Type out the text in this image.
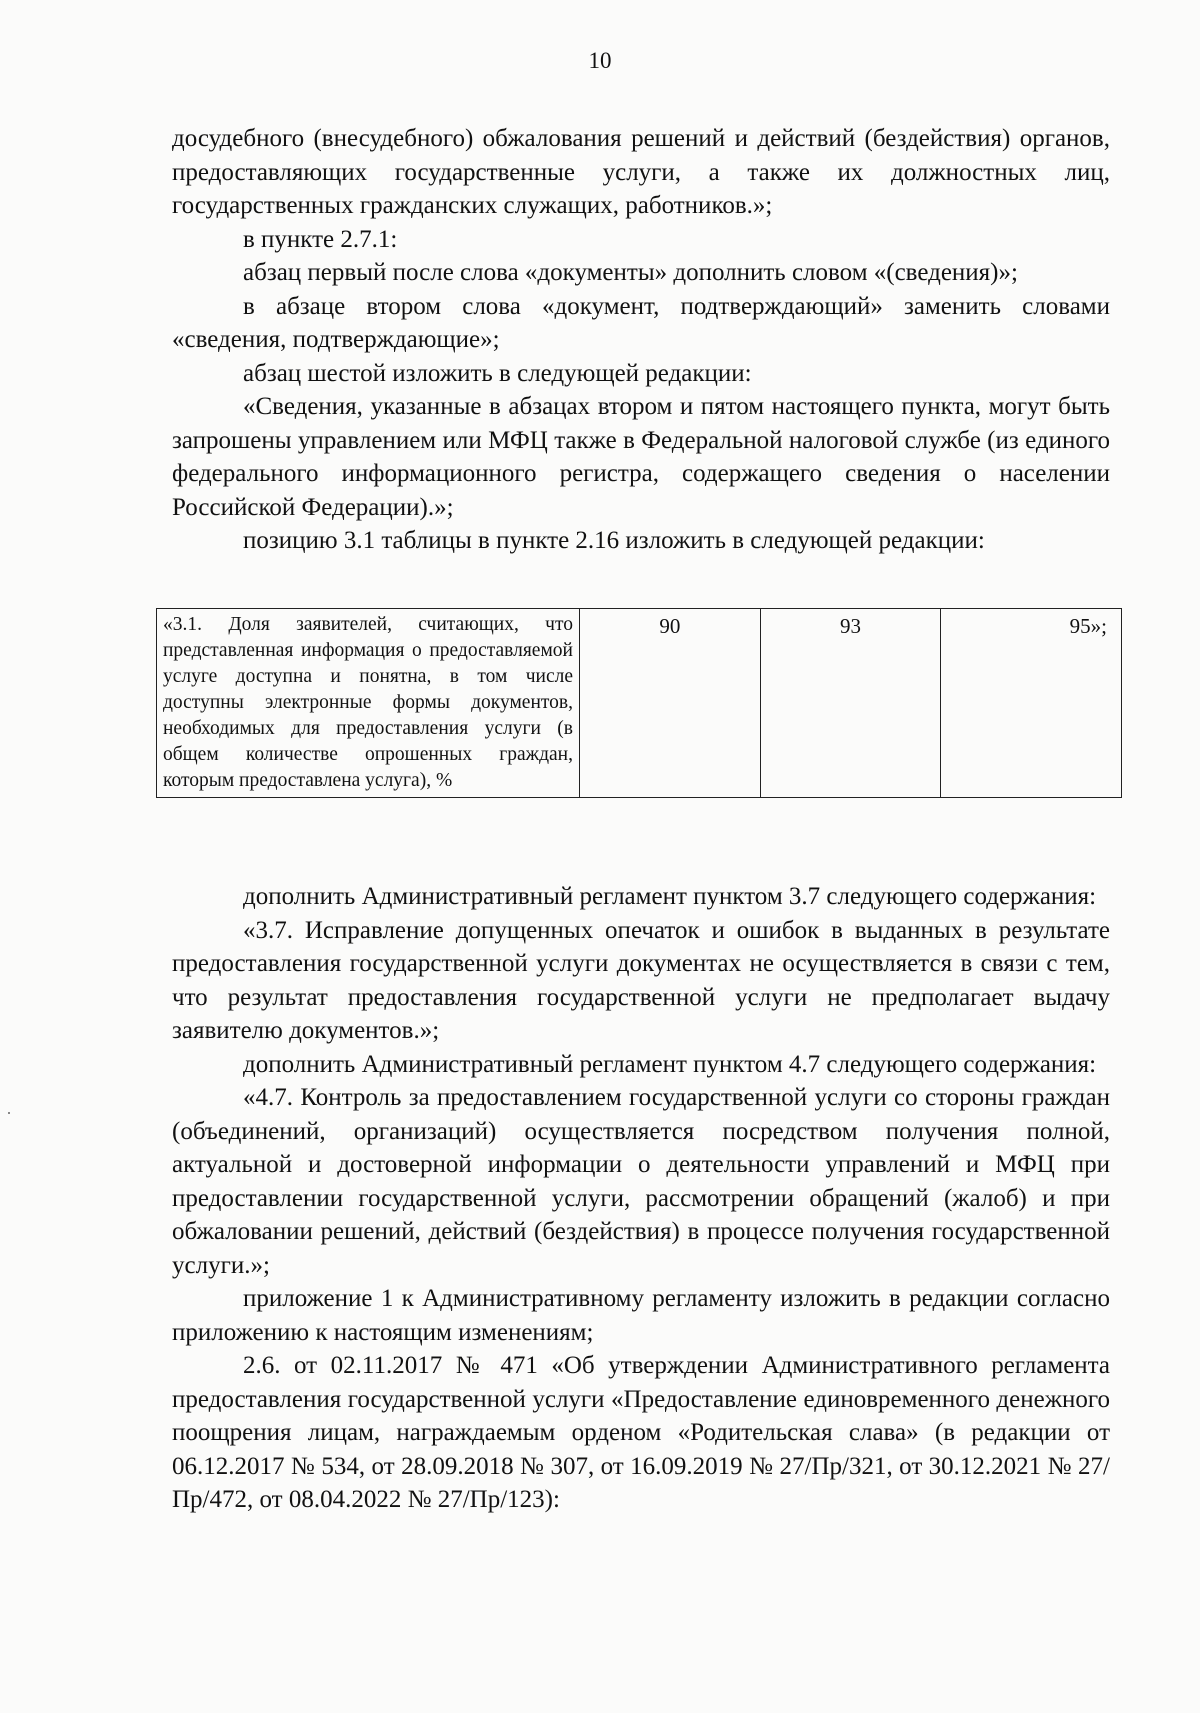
10

досудебного (внесудебного) обжалования решений и действий (бездействия) органов, предоставляющих государственные услуги, а также их должностных лиц, государственных гражданских служащих, работников.»;

в пункте 2.7.1:

абзац первый после слова «документы» дополнить словом «(сведения)»;

в абзаце втором слова «документ, подтверждающий» заменить словами «сведения, подтверждающие»;

абзац шестой изложить в следующей редакции:

«Сведения, указанные в абзацах втором и пятом настоящего пункта, могут быть запрошены управлением или МФЦ также в Федеральной налоговой службе (из единого федерального информационного регистра, содержащего сведения о населении Российской Федерации).»;

позицию 3.1 таблицы в пункте 2.16 изложить в следующей редакции:

«3.1. Доля заявителей, считающих, что представленная информация о предоставляемой услуге доступна и понятна, в том числе доступны электронные формы документов, необходимых для предоставления услуги (в общем количестве опрошенных граждан, которым предоставлена услуга), %	90	93	95»;

дополнить Административный регламент пунктом 3.7 следующего содержания:

«3.7. Исправление допущенных опечаток и ошибок в выданных в результате предоставления государственной услуги документах не осуществляется в связи с тем, что результат предоставления государственной услуги не предполагает выдачу заявителю документов.»;

дополнить Административный регламент пунктом 4.7 следующего содержания:

«4.7. Контроль за предоставлением государственной услуги со стороны граждан (объединений, организаций) осуществляется посредством получения полной, актуальной и достоверной информации о деятельности управлений и МФЦ при предоставлении государственной услуги, рассмотрении обращений (жалоб) и при обжаловании решений, действий (бездействия) в процессе получения государственной услуги.»;

приложение 1 к Административному регламенту изложить в редакции согласно приложению к настоящим изменениям;

2.6. от 02.11.2017 № 471 «Об утверждении Административного регламента предоставления государственной услуги «Предоставление единовременного денежного поощрения лицам, награждаемым орденом «Родительская слава» (в редакции от 06.12.2017 № 534, от 28.09.2018 № 307, от 16.09.2019 № 27/Пр/321, от 30.12.2021 № 27/Пр/472, от 08.04.2022 № 27/Пр/123):
